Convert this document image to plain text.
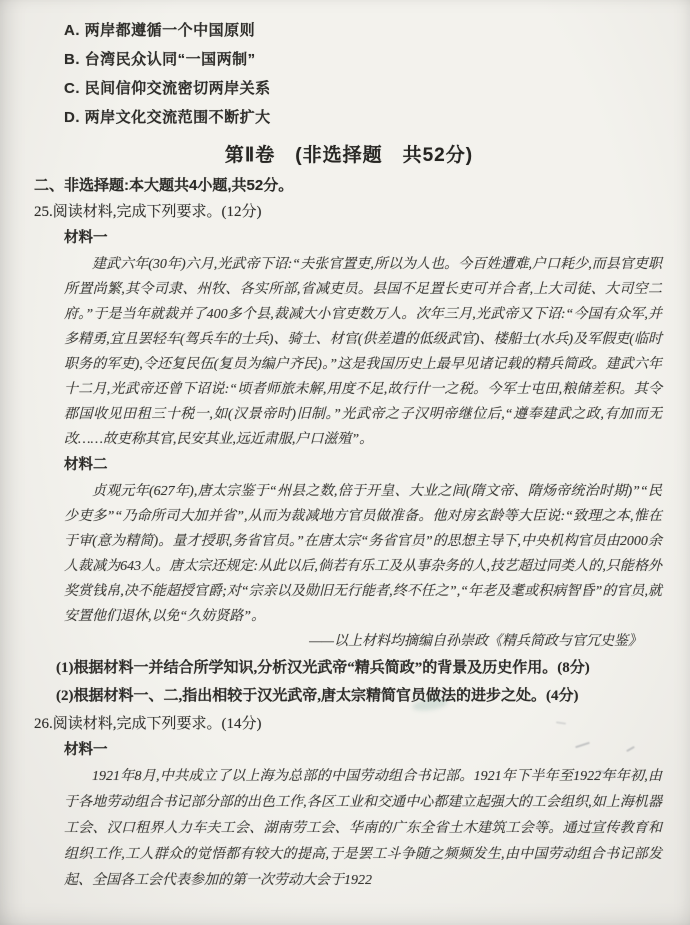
A. 两岸都遵循一个中国原则
B. 台湾民众认同“一国两制”
C. 民间信仰交流密切两岸关系
D. 两岸文化交流范围不断扩大
第Ⅱ卷　(非选择题　共52分)
二、非选择题:本大题共4小题,共52分。
25.阅读材料,完成下列要求。(12分)
材料一
建武六年(30年)六月,光武帝下诏:“夫张官置吏,所以为人也。今百姓遭难,户口耗少,而县官吏职所置尚繁,其令司隶、州牧、各实所部,省减吏员。县国不足置长吏可并合者,上大司徒、大司空二府。”于是当年就裁并了400多个县,裁减大小官吏数万人。次年三月,光武帝又下诏:“今国有众军,并多精勇,宜且罢轻车(驾兵车的士兵)、骑士、材官(供差遣的低级武官)、楼船士(水兵)及军假吏(临时职务的军吏),令还复民伍(复员为编户齐民)。”这是我国历史上最早见诸记载的精兵简政。建武六年十二月,光武帝还曾下诏说:“顷者师旅未解,用度不足,故行什一之税。今军士屯田,粮储差积。其令郡国收见田租三十税一,如(汉景帝时)旧制。”光武帝之子汉明帝继位后,“遵奉建武之政,有加而无改……故吏称其官,民安其业,远近肃服,户口滋殖”。
材料二
贞观元年(627年),唐太宗鉴于“州县之数,倍于开皇、大业之间(隋文帝、隋炀帝统治时期)”“民少吏多”“乃命所司大加并省”,从而为裁减地方官员做准备。他对房玄龄等大臣说:“致理之本,惟在于审(意为精简)。量才授职,务省官员。”在唐太宗“务省官员”的思想主导下,中央机构官员由2000余人裁减为643人。唐太宗还规定:从此以后,倘若有乐工及从事杂务的人,技艺超过同类人的,只能格外奖赏钱帛,决不能超授官爵;对“宗亲以及勋旧无行能者,终不任之”,“年老及耄或积病智昏”的官员,就安置他们退休,以免“久妨贤路”。
——以上材料均摘编自孙崇政《精兵简政与官冗史鉴》
(1)根据材料一并结合所学知识,分析汉光武帝“精兵简政”的背景及历史作用。(8分)
(2)根据材料一、二,指出相较于汉光武帝,唐太宗精简官员做法的进步之处。(4分)
26.阅读材料,完成下列要求。(14分)
材料一
1921年8月,中共成立了以上海为总部的中国劳动组合书记部。1921年下半年至1922年年初,由于各地劳动组合书记部分部的出色工作,各区工业和交通中心都建立起强大的工会组织,如上海机器工会、汉口租界人力车夫工会、湖南劳工会、华南的广东全省土木建筑工会等。通过宣传教育和组织工作,工人群众的觉悟都有较大的提高,于是罢工斗争随之频频发生,由中国劳动组合书记部发起、全国各工会代表参加的第一次劳动大会于1922
